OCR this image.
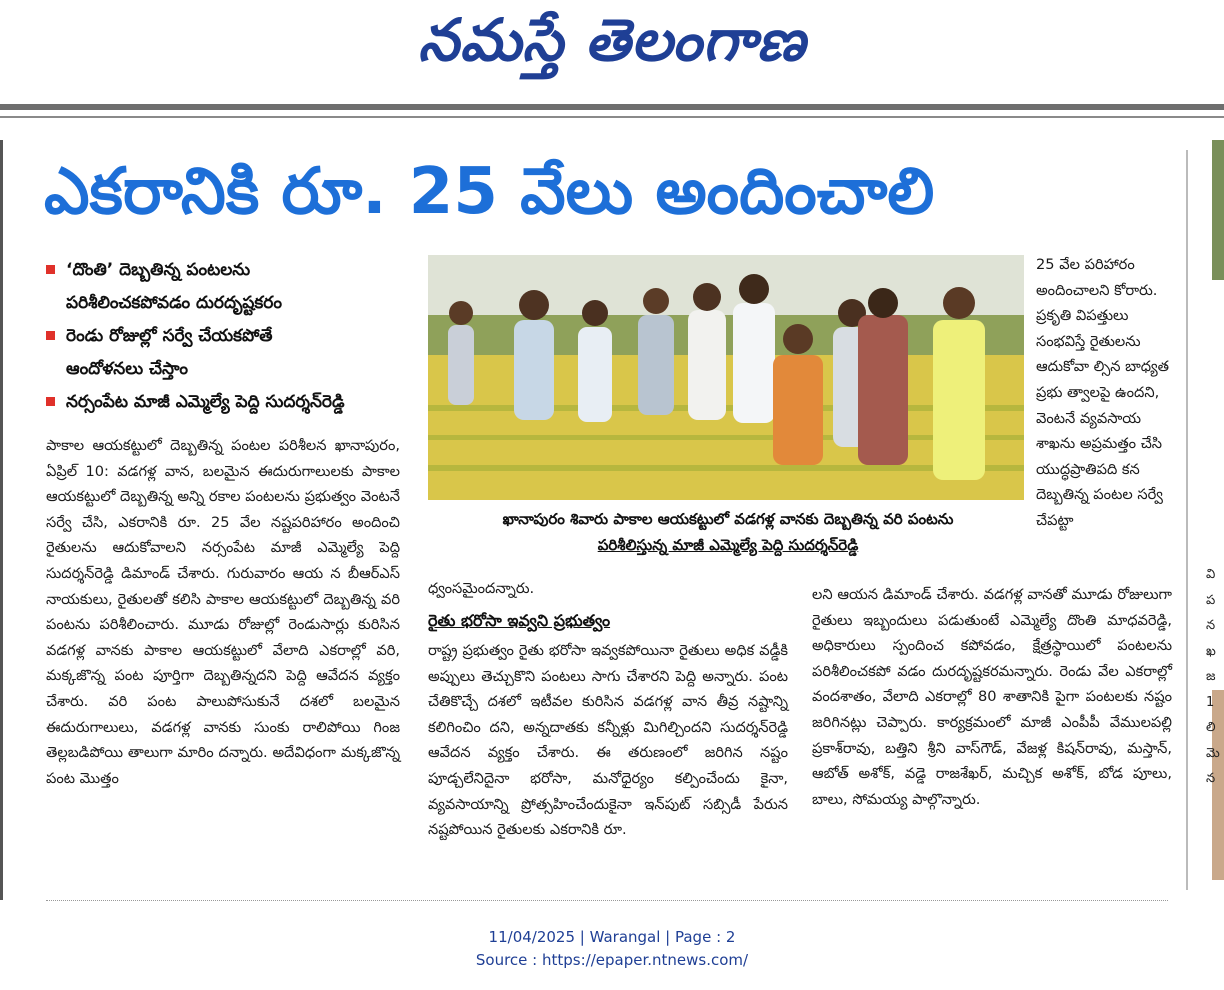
నమస్తే తెలంగాణ
ఎకరానికి రూ. 25 వేలు అందించాలి
‘దొంతి’ దెబ్బతిన్న పంటలను
పరిశీలించకపోవడం దురదృష్టకరం
రెండు రోజుల్లో సర్వే చేయకపోతే
ఆందోళనలు చేస్తాం
నర్సంపేట మాజీ ఎమ్మెల్యే పెద్ది సుదర్శన్‌రెడ్డి
ఖానాపురం శివారు పాకాల ఆయకట్టులో వడగళ్ల వానకు దెబ్బతిన్న వరి పంటను
పరిశీలిస్తున్న మాజీ ఎమ్మెల్యే పెద్ది సుదర్శన్‌రెడ్డి

పాకాల ఆయకట్టులో దెబ్బతిన్న పంటల పరిశీలన ఖానాపురం, ఏప్రిల్ 10: వడగళ్ల వాన, బలమైన ఈదురుగాలులకు పాకాల ఆయకట్టులో దెబ్బతిన్న అన్ని రకాల పంటలను ప్రభుత్వం వెంటనే సర్వే చేసి, ఎకరానికి రూ. 25 వేల నష్టపరిహారం అందించి రైతులను ఆదుకోవాలని నర్సంపేట మాజీ ఎమ్మెల్యే పెద్ది సుదర్శన్‌రెడ్డి డిమాండ్ చేశారు. గురువారం ఆయ న బీఆర్‌ఎస్ నాయకులు, రైతులతో కలిసి పాకాల ఆయకట్టులో దెబ్బతిన్న వరి పంటను పరిశీలించారు. మూడు రోజుల్లో రెండుసార్లు కురిసిన వడగళ్ల వానకు పాకాల ఆయకట్టులో వేలాది ఎకరాల్లో వరి, మక్కజొన్న పంట పూర్తిగా దెబ్బతిన్నదని పెద్ది ఆవేదన వ్యక్తం చేశారు. వరి పంట పాలుపోసుకునే దశలో బలమైన ఈదురుగాలులు, వడగళ్ల వానకు సుంకు రాలిపోయి గింజ తెల్లబడిపోయి తాలుగా మారిం దన్నారు. అదేవిధంగా మక్కజొన్న పంట మొత్తం

ధ్వంసమైందన్నారు.

రైతు భరోసా ఇవ్వని ప్రభుత్వం

రాష్ట్ర ప్రభుత్వం రైతు భరోసా ఇవ్వకపోయినా రైతులు అధిక వడ్డీకి అప్పులు తెచ్చుకొని పంటలు సాగు చేశారని పెద్ది అన్నారు. పంట చేతికొచ్చే దశలో ఇటీవల కురిసిన వడగళ్ల వాన తీవ్ర నష్టాన్ని కలిగించిం దని, అన్నదాతకు కన్నీళ్లు మిగిల్చిందని సుదర్శన్‌రెడ్డి ఆవేదన వ్యక్తం చేశారు. ఈ తరుణంలో జరిగిన నష్టం పూడ్చలేనిదైనా భరోసా, మనోధైర్యం కల్పించేందు కైనా, వ్యవసాయాన్ని ప్రోత్సహించేందుకైనా ఇన్‌పుట్ సబ్సిడీ పేరున నష్టపోయిన రైతులకు ఎకరానికి రూ.

లని ఆయన డిమాండ్ చేశారు. వడగళ్ల వానతో మూడు రోజులుగా రైతులు ఇబ్బందులు పడుతుంటే ఎమ్మెల్యే దొంతి మాధవరెడ్డి, అధికారులు స్పందించ కపోవడం, క్షేత్రస్థాయిలో పంటలను పరిశీలించకపో వడం దురదృష్టకరమన్నారు. రెండు వేల ఎకరాల్లో వందశాతం, వేలాది ఎకరాల్లో 80 శాతానికి పైగా పంటలకు నష్టం జరిగినట్లు చెప్పారు. కార్యక్రమంలో మాజీ ఎంపీపీ వేములపల్లి ప్రకాశ్‌రావు, బత్తిని శ్రీని వాస్‌గౌడ్, వేజళ్ల కిషన్‌రావు, మస్తాన్, ఆబోత్ అశోక్, వడ్డె రాజశేఖర్, మచ్చిక అశోక్, బోడ పూలు, బాలు, సోమయ్య పాల్గొన్నారు.

25 వేల పరిహారం అందించాలని కోరారు. ప్రకృతి విపత్తులు సంభవిస్తే రైతులను ఆదుకోవా ల్సిన బాధ్యత ప్రభు త్వాలపై ఉందని, వెంటనే వ్యవసాయ శాఖను అప్రమత్తం చేసి యుద్ధప్రాతిపది కన దెబ్బతిన్న పంటల సర్వే చేపట్టా

వి
ప
న
ఖ
జ
1
లి
మె
న
11/04/2025 | Warangal | Page : 2
Source : https://epaper.ntnews.com/
